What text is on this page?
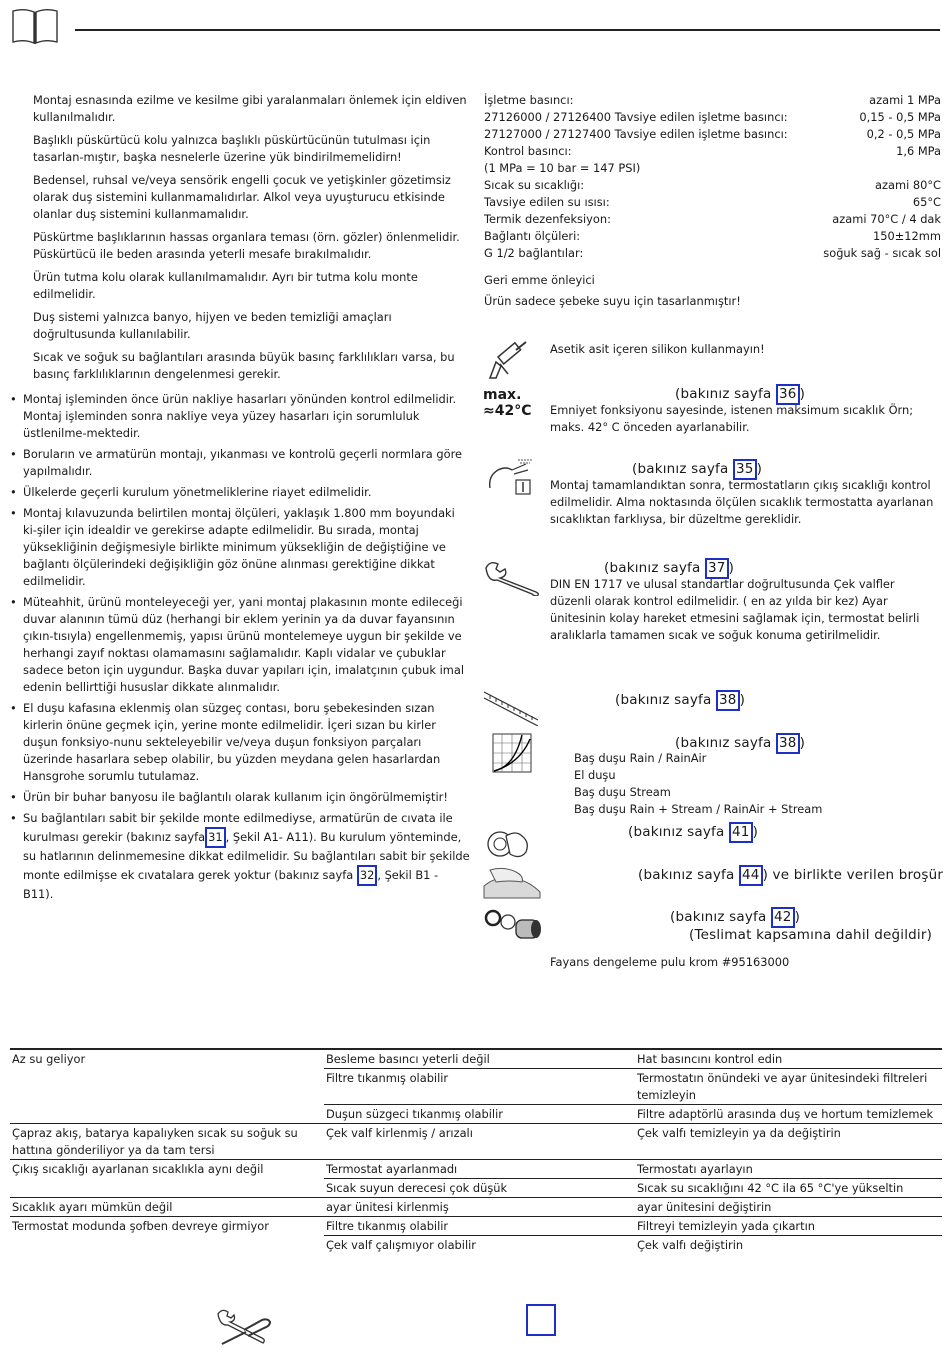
Montaj esnasında ezilme ve kesilme gibi yaralanmaları önlemek için eldiven kullanılmalıdır.

Başlıklı püskürtücü kolu yalnızca başlıklı püskürtücünün tutulması için tasarlan-mıştır, başka nesnelerle üzerine yük bindirilmemelidirn!

Bedensel, ruhsal ve/veya sensörik engelli çocuk ve yetişkinler gözetimsiz olarak duş sistemini kullanmamalıdırlar. Alkol veya uyuşturucu etkisinde olanlar duş sistemini kullanmamalıdır.

Püskürtme başlıklarının hassas organlara teması (örn. gözler) önlenmelidir. Püskürtücü ile beden arasında yeterli mesafe bırakılmalıdır.

Ürün tutma kolu olarak kullanılmamalıdır. Ayrı bir tutma kolu monte edilmelidir.

Duş sistemi yalnızca banyo, hijyen ve beden temizliği amaçları doğrultusunda kullanılabilir.

Sıcak ve soğuk su bağlantıları arasında büyük basınç farklılıkları varsa, bu basınç farklılıklarının dengelenmesi gerekir.

• Montaj işleminden önce ürün nakliye hasarları yönünden kontrol edilmelidir. Montaj işleminden sonra nakliye veya yüzey hasarları için sorumluluk üstlenilme-mektedir.
• Boruların ve armatürün montajı, yıkanması ve kontrolü geçerli normlara göre yapılmalıdır.
• Ülkelerde geçerli kurulum yönetmeliklerine riayet edilmelidir.
• Montaj kılavuzunda belirtilen montaj ölçüleri, yaklaşık 1.800 mm boyundaki ki-şiler için idealdir ve gerekirse adapte edilmelidir. Bu sırada, montaj yüksekliğinin değişmesiyle birlikte minimum yüksekliğin de değiştiğine ve bağlantı ölçülerindeki değişikliğin göz önüne alınması gerektiğine dikkat edilmelidir.
• Müteahhit, ürünü monteleyeceği yer, yani montaj plakasının monte edileceği duvar alanının tümü düz (herhangi bir eklem yerinin ya da duvar fayansının çıkın-tısıyla) engellenmemiş, yapısı ürünü montelemeye uygun bir şekilde ve herhangi zayıf noktası olamamasını sağlamalıdır. Kaplı vidalar ve çubuklar sadece beton için uygundur. Başka duvar yapıları için, imalatçının çubuk imal edenin bellirttiği hususlar dikkate alınmalıdır.
• El duşu kafasına eklenmiş olan süzgeç contası, boru şebekesinden sızan kirlerin önüne geçmek için, yerine monte edilmelidir. İçeri sızan bu kirler duşun fonksiyo-nunu sekteleyebilir ve/veya duşun fonksiyon parçaları üzerinde hasarlara sebep olabilir, bu yüzden meydana gelen hasarlardan Hansgrohe sorumlu tutulamaz.
• Ürün bir buhar banyosu ile bağlantılı olarak kullanım için öngörülmemiştir!
• Su bağlantıları sabit bir şekilde monte edilmediyse, armatürün de cıvata ile kurulması gerekir (bakınız sayfa 31 , Şekil A1- A11). Bu kurulum yönteminde, su hatlarının delinmemesine dikkat edilmelidir. Su bağlantıları sabit bir şekilde monte edilmişse ek cıvatalara gerek yoktur (bakınız sayfa 32 , Şekil B1 - B11).
İşletme basıncı:	azami 1 MPa
27126000 / 27126400 Tavsiye edilen işletme basıncı:	0,15 - 0,5 MPa
27127000 / 27127400 Tavsiye edilen işletme basıncı:	0,2 - 0,5 MPa
Kontrol basıncı:	1,6 MPa
(1 MPa = 10 bar = 147 PSI)
Sıcak su sıcaklığı:	azami 80°C
Tavsiye edilen su ısısı:	65°C
Termik dezenfeksiyon:	azami 70°C / 4 dak
Bağlantı ölçüleri:	150±12mm
G 1/2 bağlantılar:	soğuk sağ - sıcak sol
Geri emme önleyici
Ürün sadece şebeke suyu için tasarlanmıştır!
Asetik asit içeren silikon kullanmayın!
max.
≈42°C
(bakınız sayfa 36 )
Emniyet fonksiyonu sayesinde, istenen maksimum sıcaklık Örn; maks. 42° C önceden ayarlanabilir.
(bakınız sayfa 35 )
Montaj tamamlandıktan sonra, termostatların çıkış sıcaklığı kontrol edilmelidir. Alma noktasında ölçülen sıcaklık termostatta ayarlanan sıcaklıktan farklıysa, bir düzeltme gereklidir.
(bakınız sayfa 37 )
DIN EN 1717 ve ulusal standartlar doğrultusunda Çek valfler düzenli olarak kontrol edilmelidir. ( en az yılda bir kez) Ayar ünitesinin kolay hareket etmesini sağlamak için, termostat belirli aralıklarla tamamen sıcak ve soğuk konuma getirilmelidir.
(bakınız sayfa 38 )
(bakınız sayfa 38 )
Baş duşu Rain / RainAir
El duşu
Baş duşu Stream
Baş duşu Rain + Stream / RainAir + Stream
(bakınız sayfa 41 )
(bakınız sayfa 44 ) ve birlikte verilen broşür
(bakınız sayfa 42 )
(Teslimat kapsamına dahil değildir)
Fayans dengeleme pulu krom #95163000
Az su geliyor	Besleme basıncı yeterli değil	Hat basıncını kontrol edin
	Filtre tıkanmış olabilir	Termostatın önündeki ve ayar ünitesindeki filtreleri temizleyin
	Duşun süzgeci tıkanmış olabilir	Filtre adaptörlü arasında duş ve hortum temizlemek
Çapraz akış, batarya kapalıyken sıcak su soğuk su hattına gönderiliyor ya da tam tersi	Çek valf kirlenmiş / arızalı	Çek valfı temizleyin ya da değiştirin
Çıkış sıcaklığı ayarlanan sıcaklıkla aynı değil	Termostat ayarlanmadı	Termostatı ayarlayın
	Sıcak suyun derecesi çok düşük	Sıcak su sıcaklığını 42 °C ila 65 °C'ye yükseltin
Sıcaklık ayarı mümkün değil	ayar ünitesi kirlenmiş	ayar ünitesini değiştirin
Termostat modunda şofben devreye girmiyor	Filtre tıkanmış olabilir	Filtreyi temizleyin yada çıkartın
	Çek valf çalışmıyor olabilir	Çek valfı değiştirin
